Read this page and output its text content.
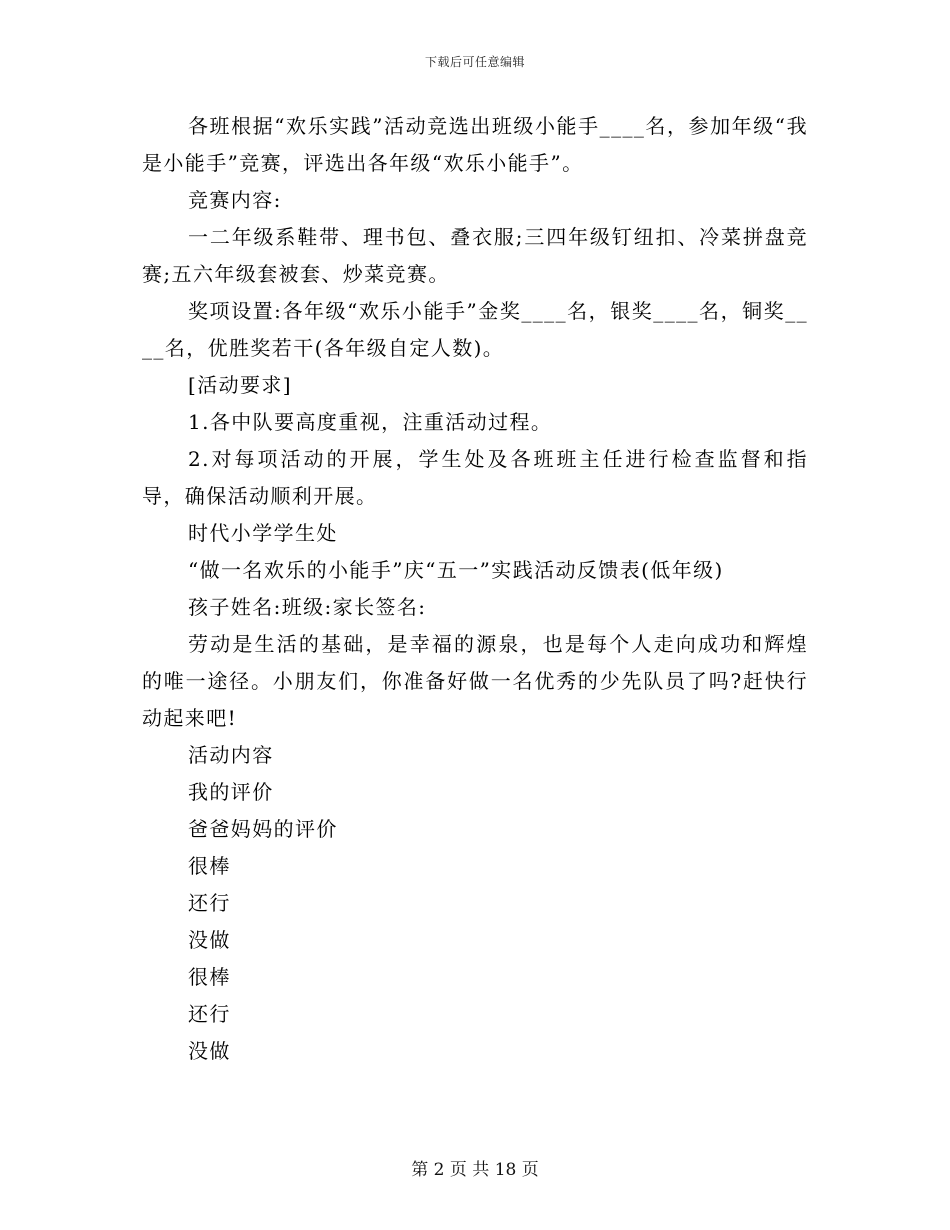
下载后可任意编辑

各班根据“欢乐实践”活动竞选出班级小能手____名，参加年级“我是小能手”竞赛，评选出各年级“欢乐小能手”。

竞赛内容:

一二年级系鞋带、理书包、叠衣服;三四年级钉纽扣、冷菜拼盘竞赛;五六年级套被套、炒菜竞赛。

奖项设置:各年级“欢乐小能手”金奖____名，银奖____名，铜奖____名，优胜奖若干(各年级自定人数)。

[活动要求]

1.各中队要高度重视，注重活动过程。

2.对每项活动的开展，学生处及各班班主任进行检查监督和指导，确保活动顺利开展。

时代小学学生处

“做一名欢乐的小能手”庆“五一”实践活动反馈表(低年级)

孩子姓名:班级:家长签名:

劳动是生活的基础，是幸福的源泉，也是每个人走向成功和辉煌的唯一途径。小朋友们，你准备好做一名优秀的少先队员了吗?赶快行动起来吧!

活动内容

我的评价

爸爸妈妈的评价

很棒

还行

没做

很棒

还行

没做

第 2 页 共 18 页
